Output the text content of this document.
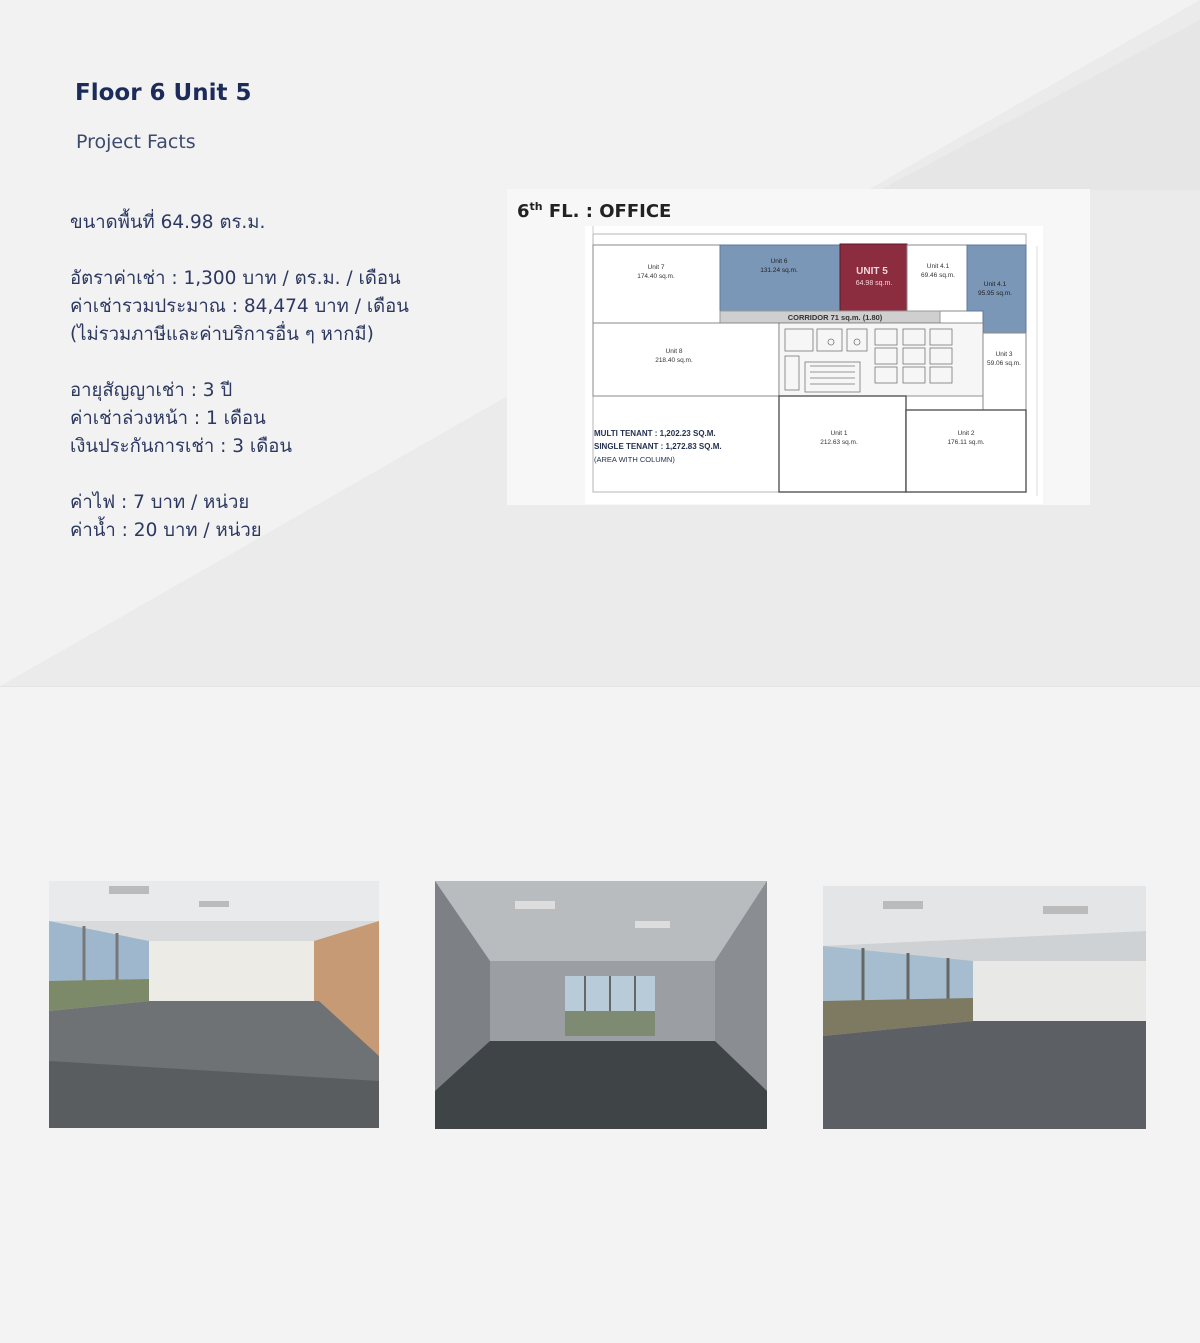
Floor 6 Unit 5
Project Facts
ขนาดพื้นที่ 64.98 ตร.ม.
อัตราค่าเช่า : 1,300 บาท / ตร.ม. / เดือน
ค่าเช่ารวมประมาณ : 84,474 บาท / เดือน
(ไม่รวมภาษีและค่าบริการอื่น ๆ หากมี)
อายุสัญญาเช่า : 3 ปี
ค่าเช่าล่วงหน้า : 1 เดือน
เงินประกันการเช่า : 3 เดือน
ค่าไฟ : 7 บาท / หน่วย
ค่าน้ำ : 20 บาท / หน่วย
6th FL. : OFFICE
Unit 7
174.40 sq.m.
Unit 6
131.24 sq.m.	UNIT 5
64.98 sq.m.
Unit 4.1
69.46 sq.m.
Unit 4.1
95.95 sq.m.
CORRIDOR 71 sq.m. (1.80)
Unit 8
218.40 sq.m.
Unit 3
59.06 sq.m.
Unit 1
212.63 sq.m.
Unit 2
176.11 sq.m.
MULTI TENANT : 1,202.23 SQ.M.
SINGLE TENANT : 1,272.83 SQ.M.
(AREA WITH COLUMN)
